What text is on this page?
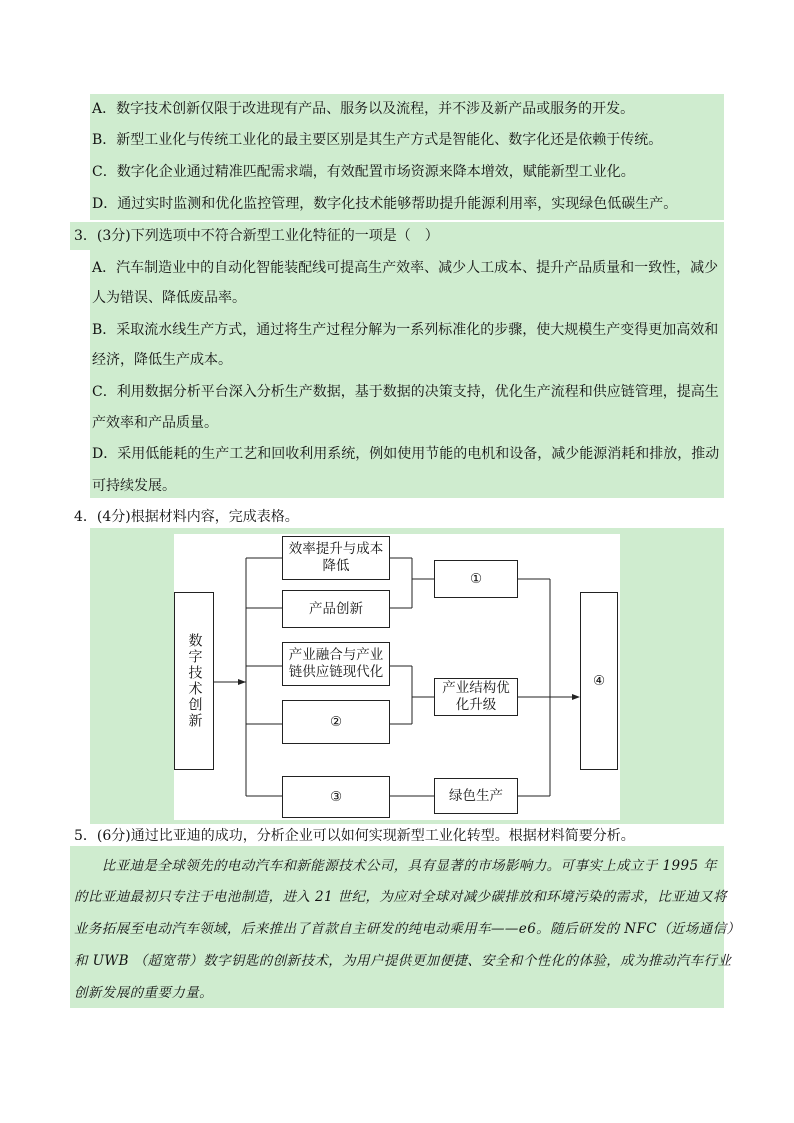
A．数字技术创新仅限于改进现有产品、服务以及流程，并不涉及新产品或服务的开发。
B．新型工业化与传统工业化的最主要区别是其生产方式是智能化、数字化还是依赖于传统。
C．数字化企业通过精准匹配需求端，有效配置市场资源来降本增效，赋能新型工业化。
D．通过实时监测和优化监控管理，数字化技术能够帮助提升能源利用率，实现绿色低碳生产。
3．(3分)下列选项中不符合新型工业化特征的一项是（　）
A．汽车制造业中的自动化智能装配线可提高生产效率、减少人工成本、提升产品质量和一致性，减少
人为错误、降低废品率。
B．采取流水线生产方式，通过将生产过程分解为一系列标准化的步骤，使大规模生产变得更加高效和
经济，降低生产成本。
C．利用数据分析平台深入分析生产数据，基于数据的决策支持，优化生产流程和供应链管理，提高生
产效率和产品质量。
D．采用低能耗的生产工艺和回收利用系统，例如使用节能的电机和设备，减少能源消耗和排放，推动
可持续发展。
4．(4分)根据材料内容，完成表格。
数字技术创新
效率提升与成本
降低
产品创新
产业融合与产业
链供应链现代化
②
③
①
产业结构优
化升级
绿色生产
④
5．(6分)通过比亚迪的成功，分析企业可以如何实现新型工业化转型。根据材料简要分析。
　　比亚迪是全球领先的电动汽车和新能源技术公司，具有显著的市场影响力。可事实上成立于 1995 年
的比亚迪最初只专注于电池制造，进入 21 世纪，为应对全球对减少碳排放和环境污染的需求，比亚迪又将
业务拓展至电动汽车领域，后来推出了首款自主研发的纯电动乘用车——e6。随后研发的 NFC（近场通信）
和 UWB （超宽带）数字钥匙的创新技术，为用户提供更加便捷、安全和个性化的体验，成为推动汽车行业
创新发展的重要力量。
